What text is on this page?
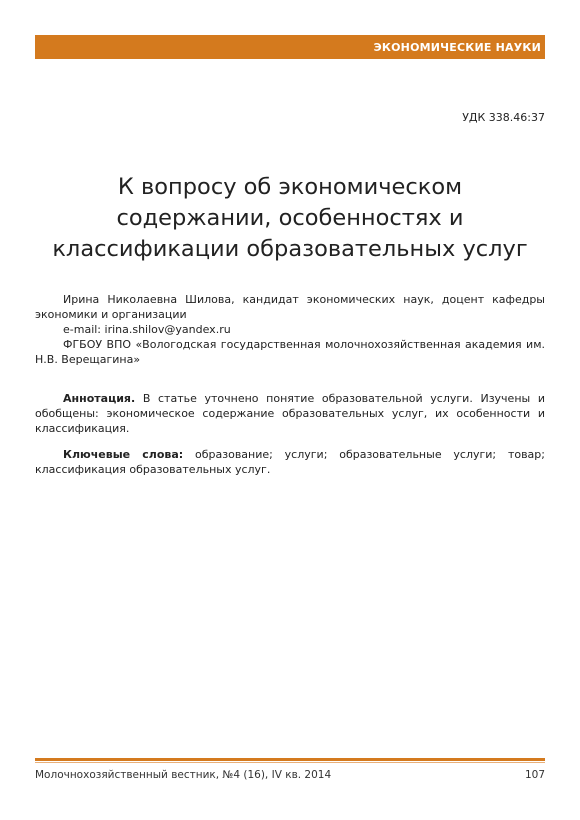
ЭКОНОМИЧЕСКИЕ НАУКИ
УДК 338.46:37
К вопросу об экономическом
содержании, особенностях и
классификации образовательных услуг

Ирина Николаевна Шилова, кандидат экономических наук, доцент кафедры экономики и организации

e-mail: irina.shilov@yandex.ru

ФГБОУ ВПО «Вологодская государственная молочнохозяйственная академия им. Н.В. Верещагина»

Аннотация. В статье уточнено понятие образовательной услуги. Изучены и обобщены: экономическое содержание образовательных услуг, их особенности и классификация.

Ключевые слова: образование; услуги; образовательные услуги; товар; классификация образовательных услуг.

Молочнохозяйственный вестник, №4 (16), IV кв. 2014	107
